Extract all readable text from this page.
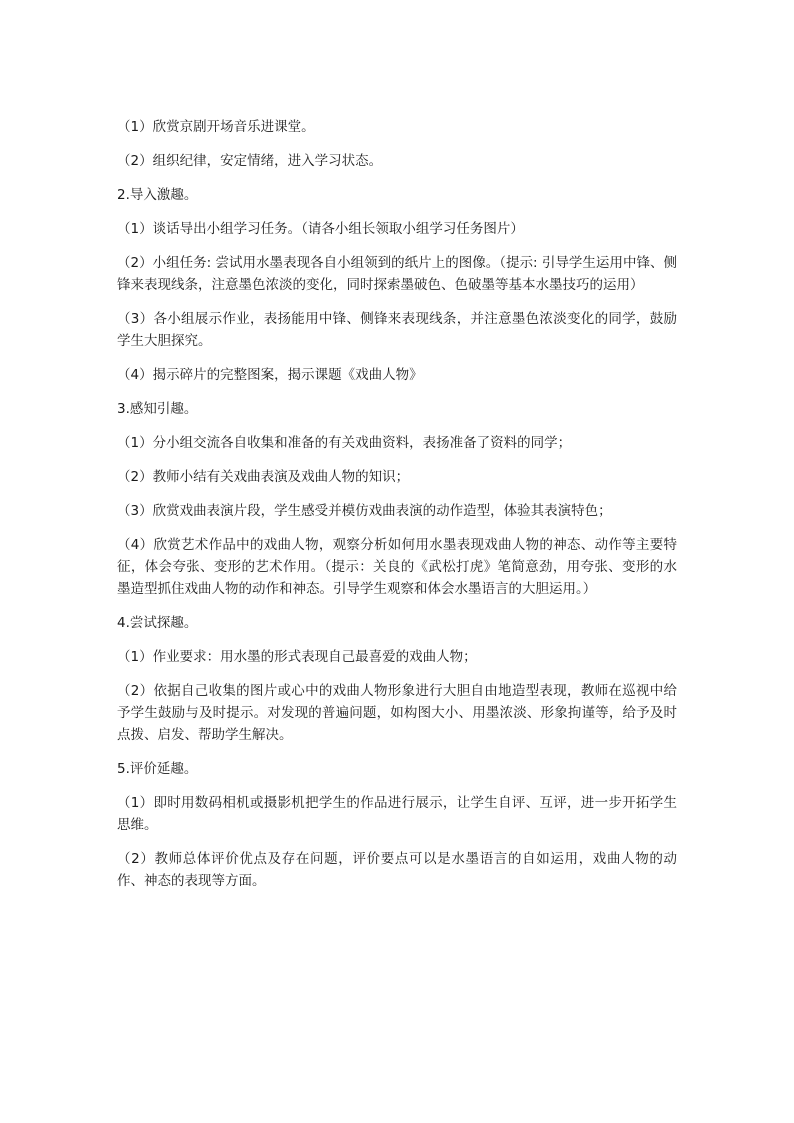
（1）欣赏京剧开场音乐进课堂。

（2）组织纪律，安定情绪，进入学习状态。

2.导入激趣。

（1）谈话导出小组学习任务。（请各小组长领取小组学习任务图片）

（2）小组任务: 尝试用水墨表现各自小组领到的纸片上的图像。（提示: 引导学生运用中锋、侧锋来表现线条，注意墨色浓淡的变化，同时探索墨破色、色破墨等基本水墨技巧的运用）

（3）各小组展示作业，表扬能用中锋、侧锋来表现线条，并注意墨色浓淡变化的同学，鼓励学生大胆探究。

（4）揭示碎片的完整图案，揭示课题《戏曲人物》

3.感知引趣。

（1）分小组交流各自收集和准备的有关戏曲资料，表扬准备了资料的同学；

（2）教师小结有关戏曲表演及戏曲人物的知识；

（3）欣赏戏曲表演片段，学生感受并模仿戏曲表演的动作造型，体验其表演特色；

（4）欣赏艺术作品中的戏曲人物，观察分析如何用水墨表现戏曲人物的神态、动作等主要特征，体会夸张、变形的艺术作用。（提示：关良的《武松打虎》笔简意劲，用夸张、变形的水墨造型抓住戏曲人物的动作和神态。引导学生观察和体会水墨语言的大胆运用。）

4.尝试探趣。

（1）作业要求：用水墨的形式表现自己最喜爱的戏曲人物；

（2）依据自己收集的图片或心中的戏曲人物形象进行大胆自由地造型表现，教师在巡视中给予学生鼓励与及时提示。对发现的普遍问题，如构图大小、用墨浓淡、形象拘谨等，给予及时点拨、启发、帮助学生解决。

5.评价延趣。

（1）即时用数码相机或摄影机把学生的作品进行展示，让学生自评、互评，进一步开拓学生思维。

（2）教师总体评价优点及存在问题，评价要点可以是水墨语言的自如运用，戏曲人物的动作、神态的表现等方面。
